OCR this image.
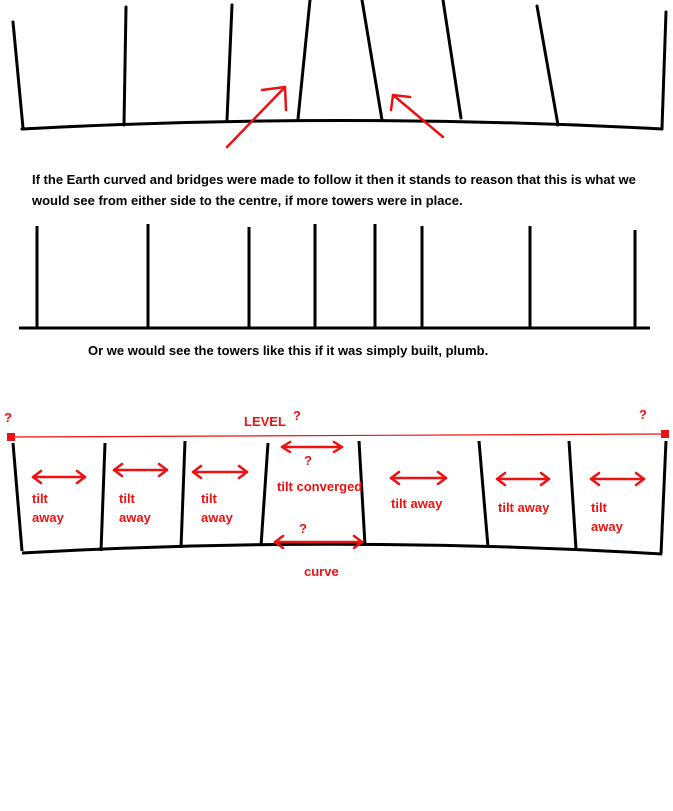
If the Earth curved and bridges were made to follow it then it stands to reason that this is what we would see from either side to the centre, if more towers were in place.

Or we would see the towers like this if it was simply built, plumb.

?	LEVEL ?	?
?
?
tilt away
tilt away
tilt away
tilt converged
tilt away	tilt away	tilt away
curve
